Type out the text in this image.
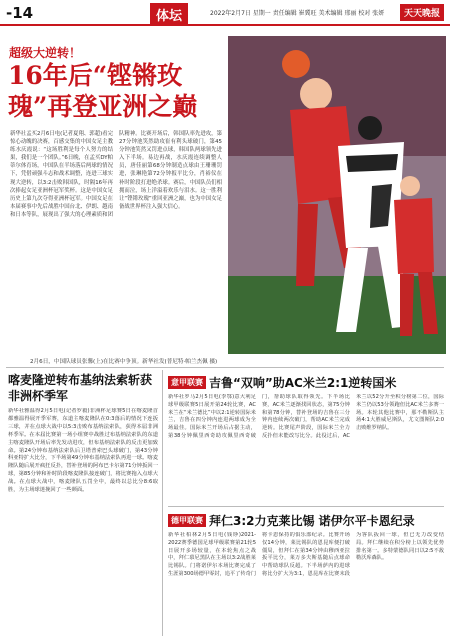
-14	体坛	2022年2月7日 星期一 责任编辑 崔冀旺 美术编辑 邢丽 校对 张妍	天天晚报
超级大逆转！
16年后“铿锵玫瑰”再登亚洲之巅
新华社孟买2月6日电(记者夏翔、郭超)看完惊心动魄的决赛，百感交集的中国女足主教练水庆霞说：“这场胜利是每个人努力的结果，我们是一个团队。”6日晚，在孟买DY帕蒂尔体育场，中国队在半场落后两球的情况下，凭借顽强斗志和战术调整，连进三球实现大逆转，以3:2击败韩国队，时隔16年再次捧起女足亚洲杯冠军奖杯。这是中国女足历史上第九次夺得亚洲杯冠军。中国女足在本届赛事中先后战胜中国台北、伊朗、越南和日本等队，展现出了强大的心理素质和团队精神。比赛开场后，韩国队率先进攻，第27分钟池笑然助攻崔有利头球破门，第45分钟池笑然又罚进点球，韩国队两球领先进入下半场。易边再战，水庆霞连续调整人员，唐佳丽第68分钟制造点球由王珊珊罚进，张琳艳第72分钟扳平比分，肖裕仪在补时阶段打进绝杀球。赛后，中国队员们相拥而泣，场上洋溢着欢乐与泪水。这一胜利让“铿锵玫瑰”重回亚洲之巅，也为中国女足备战世界杯注入强大信心。
2月6日，中国队球员张馨(上)在比赛中争顶。新华社发(普尼特·帕兰杰佩 摄)
喀麦隆逆转布基纳法索斩获非洲杯季军
新华社雅温得2月5日电(记者罗毅)非洲杯足球赛5日在喀麦隆首都雅温得展开季军赛，东道主喀麦隆队在0:3落后的情况下连扳三球，并在点球大战中以5:3击败布基纳法索队，获得本届非洲杯季军。在本届比赛第一场小组赛中战胜过布基纳法索队的东道主喀麦隆队开场后率先发动进攻，但布基纳法索队的反击更加致命。第24分钟布基纳法索队后卫塔普索巴头球破门，第43分钟科亚特扩大比分，下半场第49分钟布基纳法索队再进一球。喀麦隆队随后展开疯狂反扑，替补登场的阿布巴卡尔第71分钟扳回一球，第85分钟和补时阶段喀麦隆队接连破门，将比赛拖入点球大战。在点球大战中，喀麦隆队五罚全中，最终以总比分8:6取胜，为主场球迷挽回了一些颜面。
意甲联赛 吉鲁“双响”助AC米兰2:1逆转国米
新华社罗马2月5日电(李鄂)意大利足球甲级联赛5日展开第24轮比赛，AC米兰在“米兰德比”中以2:1逆转国际米兰，吉鲁在四分钟内连进两球成为全场最佳。国际米兰开场后占据主动，第38分钟佩里西奇助攻佩里西奇破门，帮助球队取得领先。下半场比赛，AC米兰逐渐找回状态，第75分钟和第78分钟，替补登场的吉鲁在三分钟内连续两次破门，帮助AC米兰完成逆转。比赛尾声阶段，国际米兰全力反扑但未能改写比分。此役过后，AC米兰以52分升至积分榜第二位，国际米兰仍以53分领跑但比AC米兰多赛一场。本轮其他比赛中，那不勒斯队主场4:1大胜威尼斯队，尤文图斯队2:0击败维罗纳队。
德甲联赛 拜仁3:2力克莱比锡 诺伊尔平卡恩纪录
新华社柏林2月5日电(钱铮)2021-2022赛季德国足球甲级联赛第21轮5日展开多场较量，在本轮焦点之战中，拜仁慕尼黑队在主场以3:2战胜莱比锡队。门将诺伊尔本场比赛完成了生涯第300场德甲零封，追平了传奇门将卡恩保持的俱乐部纪录。比赛开场仅14分钟，莱比锡队的恩昆库便打破僵局，但拜仁在第34分钟由穆西亚拉扳平比分，莱万多夫斯基随后点球命中帮助球队反超。下半场萨内的进球将比分扩大为3:1，恩昆库在比赛末段为客队扳回一球，但已无力改变结局。拜仁继续在积分榜上以领先优势排名第一。多特蒙德队同日以2:5不敌勒沃库森队。
